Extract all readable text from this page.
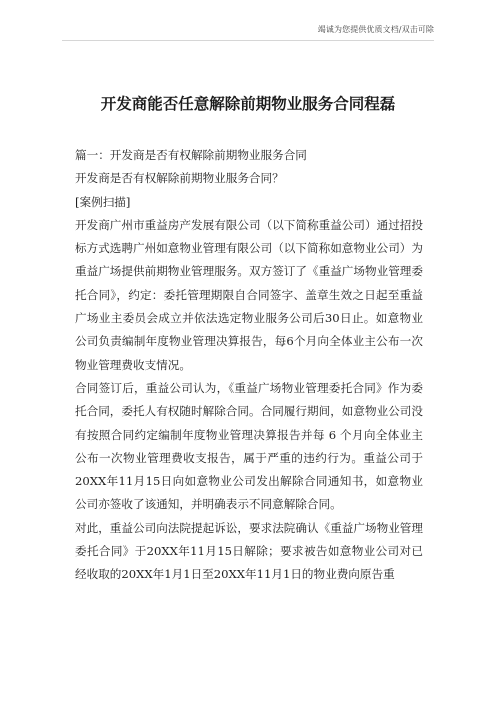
竭诚为您提供优质文档/双击可除
开发商能否任意解除前期物业服务合同程磊

篇一：开发商是否有权解除前期物业服务合同

开发商是否有权解除前期物业服务合同？

[案例扫描]

开发商广州市重益房产发展有限公司（以下简称重益公司）通过招投标方式选聘广州如意物业管理有限公司（以下简称如意物业公司）为重益广场提供前期物业管理服务。双方签订了《重益广场物业管理委托合同》，约定：委托管理期限自合同签字、盖章生效之日起至重益广场业主委员会成立并依法选定物业服务公司后30日止。如意物业公司负责编制年度物业管理决算报告，每6个月向全体业主公布一次物业管理费收支情况。

合同签订后，重益公司认为，《重益广场物业管理委托合同》作为委托合同，委托人有权随时解除合同。合同履行期间，如意物业公司没有按照合同约定编制年度物业管理决算报告并每 6 个月向全体业主公布一次物业管理费收支报告，属于严重的违约行为。重益公司于20XX年11月15日向如意物业公司发出解除合同通知书，如意物业公司亦签收了该通知，并明确表示不同意解除合同。

对此，重益公司向法院提起诉讼，要求法院确认《重益广场物业管理委托合同》于20XX年11月15日解除；要求被告如意物业公司对已经收取的20XX年1月1日至20XX年11月1日的物业费向原告重
